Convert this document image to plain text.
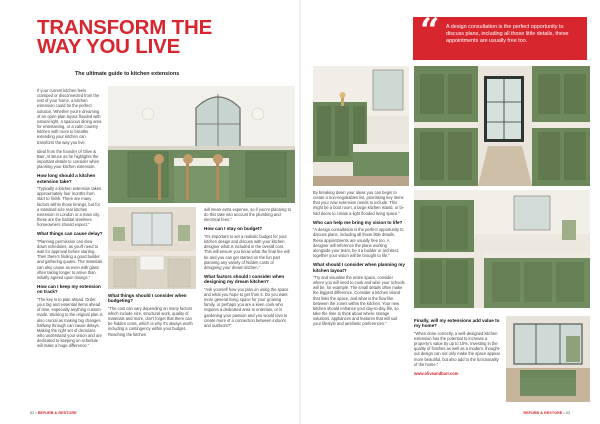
TRANSFORM THE
WAY YOU LIVE
The ultimate guide to kitchen extensions
A design consultation is the perfect opportunity to discuss plans, including all those little details, these appointments are usually free too.
“

If your current kitchen feels cramped or disconnected from the rest of your home, a kitchen extension could be the perfect solution. Whether you're dreaming of an open-plan layout flooded with natural light, a spacious dining area for entertaining, or a calm country kitchen with room to breathe extending your kitchen can transform the way you live.

Ideal from the founder of Olive & Barr, Al Bruce as he highlights the important details to consider when planning your kitchen extension.

How long should a kitchen extension take?

“Typically a kitchen extension takes approximately four months from start to finish. There are many factors within those timings, but for a standard size rear kitchen extension in London or a main city, these are the habitat timelines homeowners should expect.”

What things can cause delay?

“Planning permission can slow down schedules, as you'll need to wait for approval before starting. Then there's finding a good builder and gathering quotes. The materials can also cause as even with glass often taking longer to arrive than initially agreed upon timings.”

How can I keep my extension on track?

“The key is to plan ahead. Order your big and essential items ahead of time, especially anything custom-made. Sticking to the original plan is also crucial as making big changes halfway through can cause delays. Making the right set of decisions who understand your vision and are dedicated to keeping on schedule will make a huge difference.”

What things should I consider when budgeting?

“The cost can vary depending on many factors which include size, structural work, quality of materials and more, don't forget that there can be hidden costs, which is why it's always worth including a contingency within your budget. Reaching the kitchen

will mean extra expense, so if you're planning to do this take into account the plumbing and electrical fees.”

How can I stay on budget?

“It's important to set a realistic budget for your kitchen design and discuss with your kitchen designer what is included in the overall cost. This will ensure you know what the final fee will be and you can get started on the fun part planning any variety of hidden costs of designing your dream kitchen.”

What factors should I consider when designing my dream kitchen?

“Ask yourself how you plan on using the space and what you hope to get from it. Do you want more general living space for your growing family, or perhaps you are a keen cook who requires a dedicated area to entertain, or is gardening your passion and you would love to create more of a connection between indoors and outdoors?”

By breaking down your ideas you can begin to create a non-negotiables list, prioritising key items that your new extension needs to include. This might be a boot room, a large kitchen island, or bi-fold doors to create a light flooded living space.”

Who can help me bring my vision to life?

“A design consultation is the perfect opportunity to discuss plans, including all those little details, these appointments are usually free too. A designer will reference the plans working alongside your team, be it a builder or architect, together your vision will be brought to life.”

What should I consider when planning my kitchen layout?

“Try and visualise the entire space, consider where you will need to cook and wise your schools will be, for example. The small details often make the biggest difference. Consider a kitchen island that links the space, and what is the flow like between the zones within the kitchen. Your new kitchen should enhance your day-to-day life, so take the time to think about where storage solutions, appliances and features that will suit your lifestyle and aesthetic preferences.”

Finally, will my extensions add value to my home?

“When done correctly, a well-designed kitchen extension has the potential to increase a property's value by up to 10%. Investing in the quality of finishes as well as a modern, thought-out design can not only make the space appear more beautiful, but also add to the functionality of the home.”

www.oliveandbarr.com

62 • REFURB & RESTORE	REFURB & RESTORE • 63
